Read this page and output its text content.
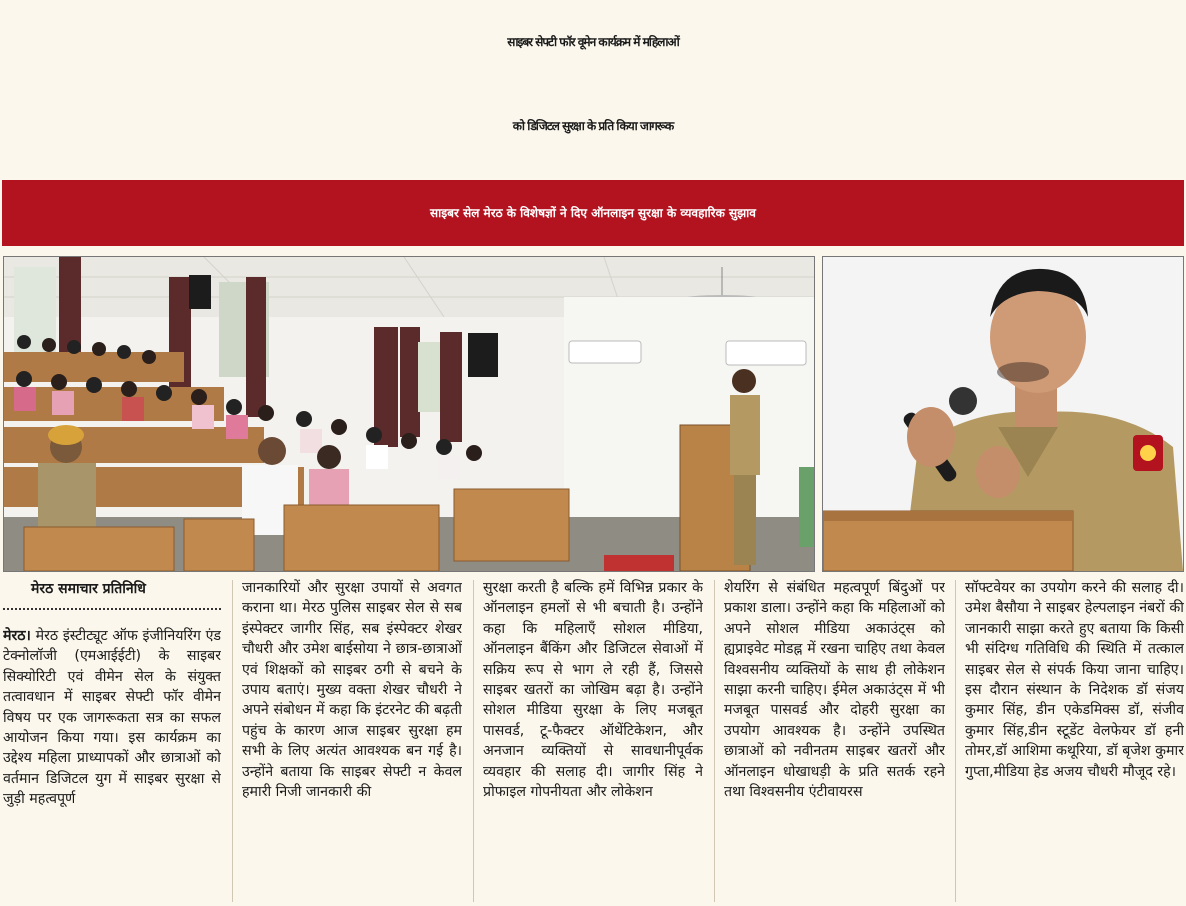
साइबर सेफ्टी फॉर वूमेन कार्यक्रम में महिलाओं
को डिजिटल सुरक्षा के प्रति किया जागरूक
साइबर सेल मेरठ के विशेषज्ञों ने दिए ऑनलाइन सुरक्षा के व्यवहारिक सुझाव
मेरठ समाचार प्रतिनिधि

मेरठ। मेरठ इंस्टीट्यूट ऑफ इंजीनियरिंग एंड टेक्नोलॉजी (एमआईईटी) के साइबर सिक्योरिटी एवं वीमेन सेल के संयुक्त तत्वावधान में साइबर सेफ्टी फॉर वीमेन विषय पर एक जागरूकता सत्र का सफल आयोजन किया गया। इस कार्यक्रम का उद्देश्य महिला प्राध्यापकों और छात्राओं को वर्तमान डिजिटल युग में साइबर सुरक्षा से जुड़ी महत्वपूर्ण

जानकारियों और सुरक्षा उपायों से अवगत कराना था। मेरठ पुलिस साइबर सेल से सब इंस्पेक्टर जागीर सिंह, सब इंस्पेक्टर शेखर चौधरी और उमेश बाईसोया ने छात्र-छात्राओं एवं शिक्षकों को साइबर ठगी से बचने के उपाय बताएं। मुख्य वक्ता शेखर चौधरी ने अपने संबोधन में कहा कि इंटरनेट की बढ़ती पहुंच के कारण आज साइबर सुरक्षा हम सभी के लिए अत्यंत आवश्यक बन गई है। उन्होंने बताया कि साइबर सेफ्टी न केवल हमारी निजी जानकारी की

सुरक्षा करती है बल्कि हमें विभिन्न प्रकार के ऑनलाइन हमलों से भी बचाती है। उन्होंने कहा कि महिलाएँ सोशल मीडिया, ऑनलाइन बैंकिंग और डिजिटल सेवाओं में सक्रिय रूप से भाग ले रही हैं, जिससे साइबर खतरों का जोखिम बढ़ा है। उन्होंने सोशल मीडिया सुरक्षा के लिए मजबूत पासवर्ड, टू-फैक्टर ऑथेंटिकेशन, और अनजान व्यक्तियों से सावधानीपूर्वक व्यवहार की सलाह दी। जागीर सिंह ने प्रोफाइल गोपनीयता और लोकेशन

शेयरिंग से संबंधित महत्वपूर्ण बिंदुओं पर प्रकाश डाला। उन्होंने कहा कि महिलाओं को अपने सोशल मीडिया अकाउंट्स को ह्यप्राइवेट मोडह्न में रखना चाहिए तथा केवल विश्वसनीय व्यक्तियों के साथ ही लोकेशन साझा करनी चाहिए। ईमेल अकाउंट्स में भी मजबूत पासवर्ड और दोहरी सुरक्षा का उपयोग आवश्यक है। उन्होंने उपस्थित छात्राओं को नवीनतम साइबर खतरों और ऑनलाइन धोखाधड़ी के प्रति सतर्क रहने तथा विश्वसनीय एंटीवायरस

सॉफ्टवेयर का उपयोग करने की सलाह दी। उमेश बैसौया ने साइबर हेल्पलाइन नंबरों की जानकारी साझा करते हुए बताया कि किसी भी संदिग्ध गतिविधि की स्थिति में तत्काल साइबर सेल से संपर्क किया जाना चाहिए। इस दौरान संस्थान के निदेशक डॉ संजय कुमार सिंह, डीन एकेडमिक्स डॉ, संजीव कुमार सिंह,डीन स्टूडेंट वेलफेयर डॉ हनी तोमर,डॉ आशिमा कथूरिया, डॉ बृजेश कुमार गुप्ता,मीडिया हेड अजय चौधरी मौजूद रहे।
